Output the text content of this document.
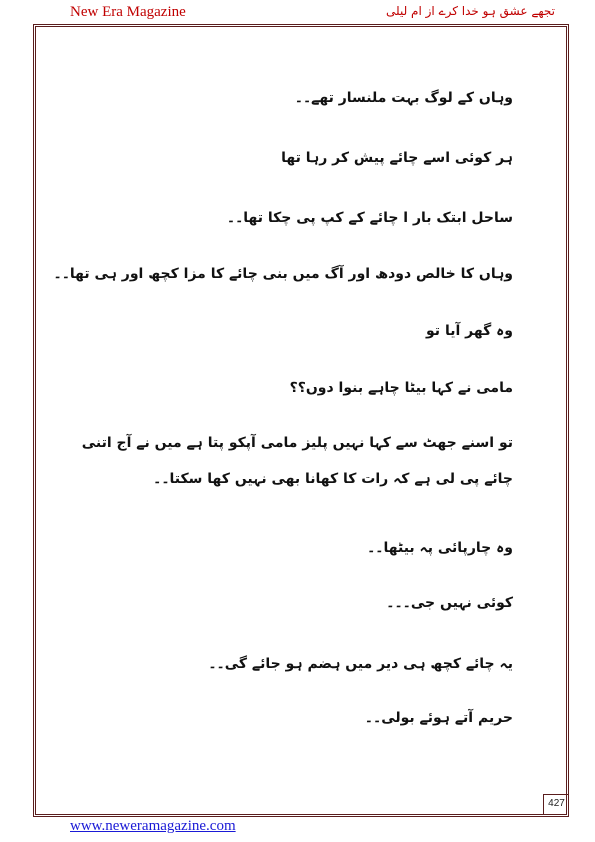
New Era Magazine	تجھے عشق ہو خدا کرے از ام لیلی

وہاں کے لوگ بہت ملنسار تھے۔۔

ہر کوئی اسے چائے پیش کر رہا تھا

ساحل ابتک بار ا چائے کے کپ پی چکا تھا۔۔

وہاں کا خالص دودھ اور آگ میں بنی چائے کا مزا کچھ اور ہی تھا۔۔

وہ گھر آیا تو

مامی نے کہا بیٹا چاہے بنوا دوں؟؟

تو اسنے جھٹ سے کہا نہیں پلیز مامی آپکو پتا ہے میں نے آج اتنی چائے پی لی ہے کہ رات کا کھانا بھی نہیں کھا سکتا۔۔

وہ چارپائی پہ بیٹھا۔۔

کوئی نہیں جی۔۔۔

یہ چائے کچھ ہی دیر میں ہضم ہو جائے گی۔۔

حریم آتے ہوئے بولی۔۔

427
www.neweramagazine.com
